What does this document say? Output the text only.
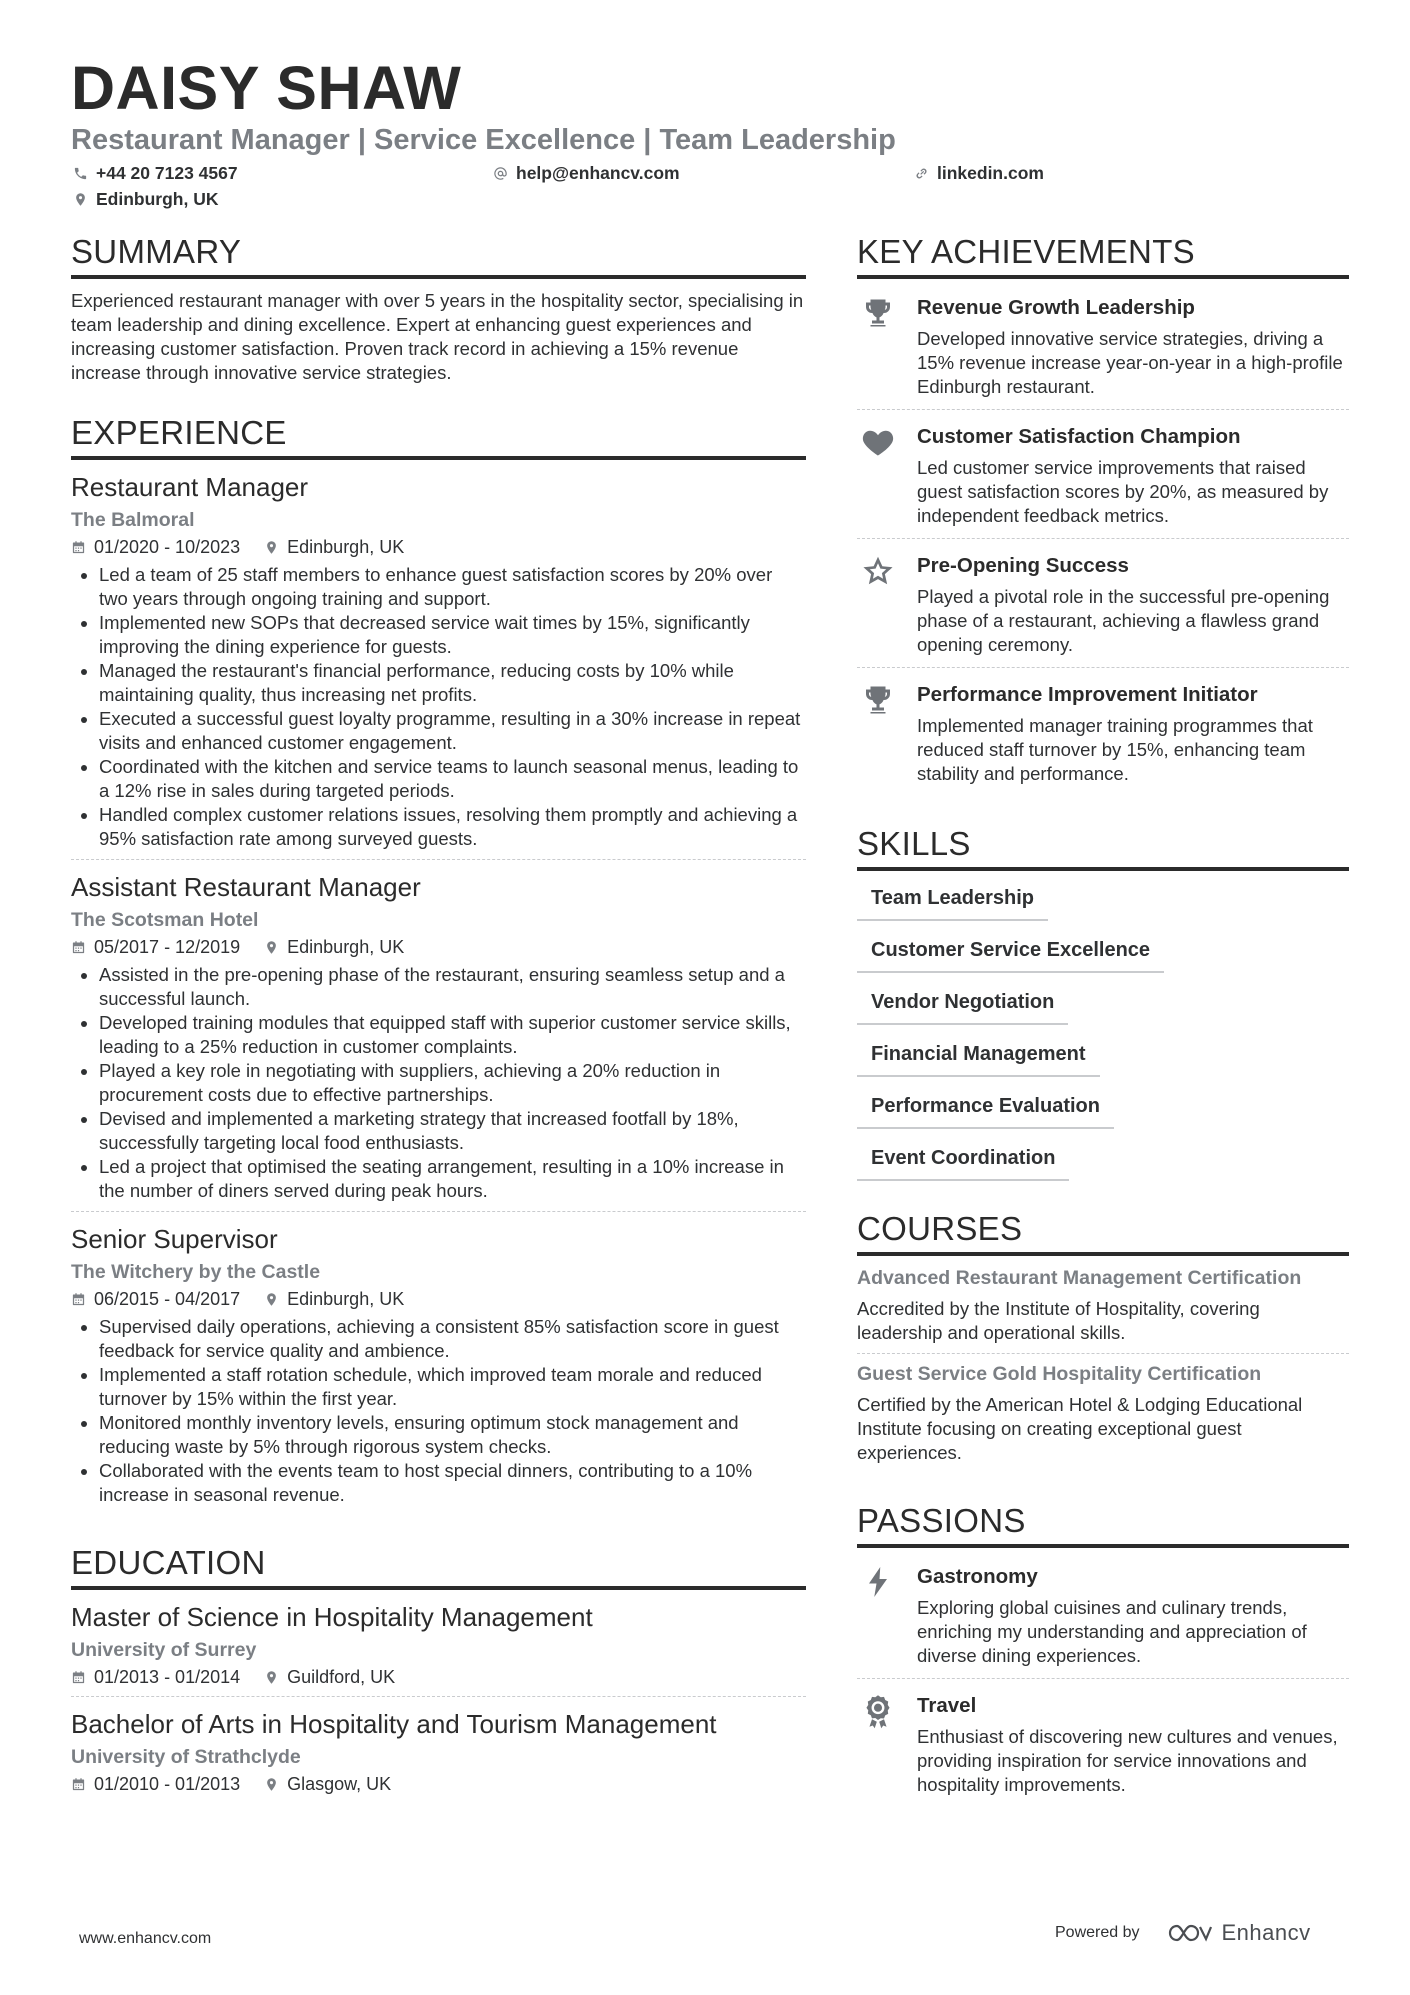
DAISY SHAW
Restaurant Manager | Service Excellence | Team Leadership
+44 20 7123 4567	help@enhancv.com	linkedin.com
Edinburgh, UK
SUMMARY

Experienced restaurant manager with over 5 years in the hospitality sector, specialising in team leadership and dining excellence. Expert at enhancing guest experiences and increasing customer satisfaction. Proven track record in achieving a 15% revenue increase through innovative service strategies.

EXPERIENCE
Restaurant Manager
The Balmoral
01/2020 - 10/2023	Edinburgh, UK
• Led a team of 25 staff members to enhance guest satisfaction scores by 20% over two years through ongoing training and support.
• Implemented new SOPs that decreased service wait times by 15%, significantly improving the dining experience for guests.
• Managed the restaurant's financial performance, reducing costs by 10% while maintaining quality, thus increasing net profits.
• Executed a successful guest loyalty programme, resulting in a 30% increase in repeat visits and enhanced customer engagement.
• Coordinated with the kitchen and service teams to launch seasonal menus, leading to a 12% rise in sales during targeted periods.
• Handled complex customer relations issues, resolving them promptly and achieving a 95% satisfaction rate among surveyed guests.
Assistant Restaurant Manager
The Scotsman Hotel
05/2017 - 12/2019	Edinburgh, UK
• Assisted in the pre-opening phase of the restaurant, ensuring seamless setup and a successful launch.
• Developed training modules that equipped staff with superior customer service skills, leading to a 25% reduction in customer complaints.
• Played a key role in negotiating with suppliers, achieving a 20% reduction in procurement costs due to effective partnerships.
• Devised and implemented a marketing strategy that increased footfall by 18%, successfully targeting local food enthusiasts.
• Led a project that optimised the seating arrangement, resulting in a 10% increase in the number of diners served during peak hours.
Senior Supervisor
The Witchery by the Castle
06/2015 - 04/2017	Edinburgh, UK
• Supervised daily operations, achieving a consistent 85% satisfaction score in guest feedback for service quality and ambience.
• Implemented a staff rotation schedule, which improved team morale and reduced turnover by 15% within the first year.
• Monitored monthly inventory levels, ensuring optimum stock management and reducing waste by 5% through rigorous system checks.
• Collaborated with the events team to host special dinners, contributing to a 10% increase in seasonal revenue.
EDUCATION
Master of Science in Hospitality Management
University of Surrey
01/2013 - 01/2014	Guildford, UK
Bachelor of Arts in Hospitality and Tourism Management
University of Strathclyde
01/2010 - 01/2013	Glasgow, UK
KEY ACHIEVEMENTS
Revenue Growth Leadership
Developed innovative service strategies, driving a 15% revenue increase year-on-year in a high-profile Edinburgh restaurant.
Customer Satisfaction Champion
Led customer service improvements that raised guest satisfaction scores by 20%, as measured by independent feedback metrics.
Pre-Opening Success
Played a pivotal role in the successful pre-opening phase of a restaurant, achieving a flawless grand opening ceremony.
Performance Improvement Initiator
Implemented manager training programmes that reduced staff turnover by 15%, enhancing team stability and performance.
SKILLS
Team Leadership
Customer Service Excellence
Vendor Negotiation
Financial Management
Performance Evaluation
Event Coordination
COURSES
Advanced Restaurant Management Certification
Accredited by the Institute of Hospitality, covering leadership and operational skills.
Guest Service Gold Hospitality Certification
Certified by the American Hotel & Lodging Educational Institute focusing on creating exceptional guest experiences.
PASSIONS
Gastronomy
Exploring global cuisines and culinary trends, enriching my understanding and appreciation of diverse dining experiences.
Travel
Enthusiast of discovering new cultures and venues, providing inspiration for service innovations and hospitality improvements.
www.enhancv.com	Powered by	Enhancv
